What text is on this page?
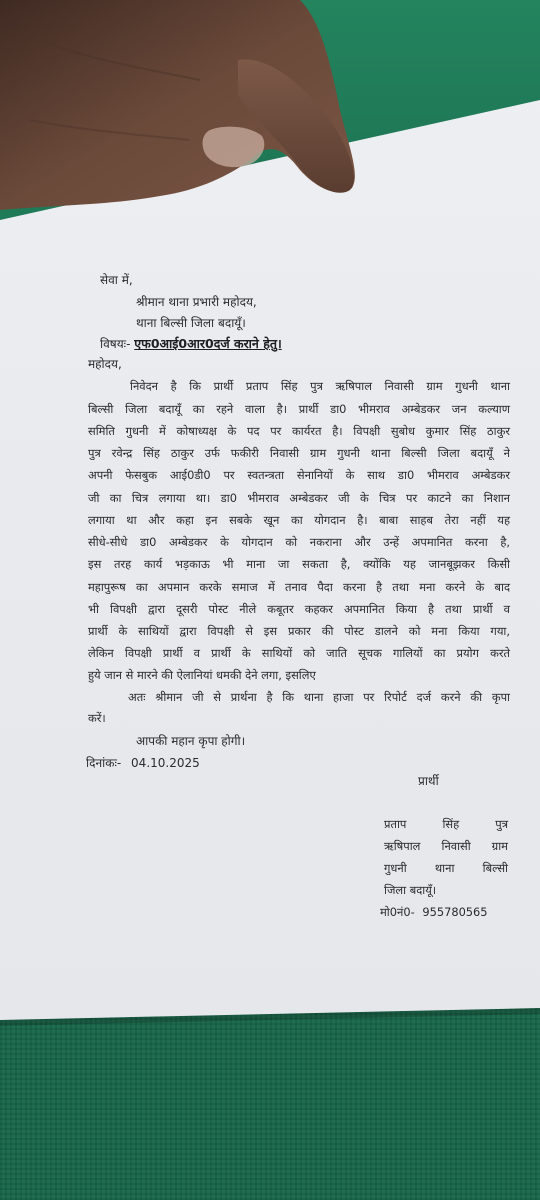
सेवा में,
श्रीमान थाना प्रभारी महोदय,
थाना बिल्सी जिला बदायूँ।
विषयः- एफ0आई0आर0दर्ज कराने हेतु।
महोदय,
निवेदन है कि प्रार्थी प्रताप सिंह पुत्र ऋषिपाल निवासी ग्राम गुधनी थाना
बिल्सी जिला बदायूँ का रहने वाला है। प्रार्थी डा0 भीमराव अम्बेडकर जन कल्याण
समिति गुधनी में कोषाध्यक्ष के पद पर कार्यरत है। विपक्षी सुबोध कुमार सिंह ठाकुर
पुत्र रवेन्द्र सिंह ठाकुर उर्फ फकीरी निवासी ग्राम गुधनी थाना बिल्सी जिला बदायूँ ने
अपनी फेसबुक आई0डी0 पर स्वतन्त्रता सेनानियों के साथ डा0 भीमराव अम्बेडकर
जी का चित्र लगाया था। डा0 भीमराव अम्बेडकर जी के चित्र पर काटने का निशान
लगाया था और कहा इन सबके खून का योगदान है। बाबा साहब तेरा नहीं यह
सीधे-सीधे डा0 अम्बेडकर के योगदान को नकराना और उन्हें अपमानित करना है,
इस तरह कार्य भड़काऊ भी माना जा सकता है, क्योंकि यह जानबूझकर किसी
महापुरूष का अपमान करके समाज में तनाव पैदा करना है तथा मना करने के बाद
भी विपक्षी द्वारा दूसरी पोस्ट नीले कबूतर कहकर अपमानित किया है तथा प्रार्थी व
प्रार्थी के साथियों द्वारा विपक्षी से इस प्रकार की पोस्ट डालने को मना किया गया,
लेकिन विपक्षी प्रार्थी व प्रार्थी के साथियों को जाति सूचक गालियों का प्रयोग करते
हुये जान से मारने की ऐलानियां धमकी देने लगा, इसलिए
अतः श्रीमान जी से प्रार्थना है कि थाना हाजा पर रिपोर्ट दर्ज करने की कृपा
करें।
आपकी महान कृपा होगी।
दिनांकः- 04.10.2025
प्रार्थी
प्रताप सिंह पुत्र
ऋषिपाल निवासी ग्राम
गुधनी थाना बिल्सी
जिला बदायूँ।
मो0नं0- 955780565
